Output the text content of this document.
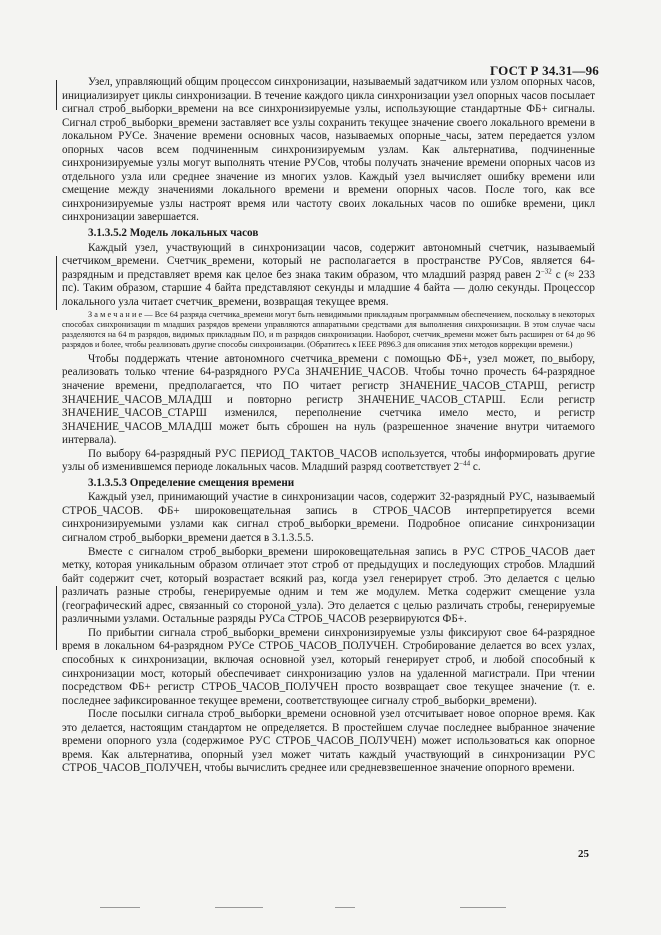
ГОСТ Р 34.31—96

Узел, управляющий общим процессом синхронизации, называемый задатчиком или узлом опорных часов, инициализирует циклы синхронизации. В течение каждого цикла синхронизации узел опорных часов посылает сигнал строб_выборки_времени на все синхронизируемые узлы, использующие стандартные ФБ+ сигналы. Сигнал строб_выборки_времени заставляет все узлы сохранить текущее значение своего локального времени в локальном РУСе. Значение времени основных часов, называемых опорные_часы, затем передается узлом опорных часов всем подчиненным синхронизируемым узлам. Как альтернатива, подчиненные синхронизируемые узлы могут выполнять чтение РУСов, чтобы получать значение времени опорных часов из отдельного узла или среднее значение из многих узлов. Каждый узел вычисляет ошибку времени или смещение между значениями локального времени и времени опорных часов. После того, как все синхронизируемые узлы настроят время или частоту своих локальных часов по ошибке времени, цикл синхронизации завершается.

3.1.3.5.2 Модель локальных часов

Каждый узел, участвующий в синхронизации часов, содержит автономный счетчик, называемый счетчиком_времени. Счетчик_времени, который не располагается в пространстве РУСов, является 64-разрядным и представляет время как целое без знака таким образом, что младший разряд равен $2^{-32}$ с (≈ 233 пс). Таким образом, старшие 4 байта представляют секунды и младшие 4 байта — долю секунды. Процессор локального узла читает счетчик_времени, возвращая текущее время.

З а м е ч а н и е — Все 64 разряда счетчика_времени могут быть невидимыми прикладным программным обеспечением, поскольку в некоторых способах синхронизации m младших разрядов времени управляются аппаратными средствами для выполнения синхронизации. В этом случае часы разделяются на 64 m разрядов, видимых прикладным ПО, и m разрядов синхронизации. Наоборот, счетчик_времени может быть расширен от 64 до 96 разрядов и более, чтобы реализовать другие способы синхронизации. (Обратитесь к IEEE P896.3 для описания этих методов коррекции времени.)

Чтобы поддержать чтение автономного счетчика_времени с помощью ФБ+, узел может, по_выбору, реализовать только чтение 64-разрядного РУСа ЗНАЧЕНИЕ_ЧАСОВ. Чтобы точно прочесть 64-разрядное значение времени, предполагается, что ПО читает регистр ЗНАЧЕНИЕ_ЧАСОВ_СТАРШ, регистр ЗНАЧЕНИЕ_ЧАСОВ_МЛАДШ и повторно регистр ЗНАЧЕНИЕ_ЧАСОВ_СТАРШ. Если регистр ЗНАЧЕНИЕ_ЧАСОВ_СТАРШ изменился, переполнение счетчика имело место, и регистр ЗНАЧЕНИЕ_ЧАСОВ_МЛАДШ может быть сброшен на нуль (разрешенное значение внутри читаемого интервала).

По выбору 64-разрядный РУС ПЕРИОД_ТАКТОВ_ЧАСОВ используется, чтобы информировать другие узлы об изменившемся периоде локальных часов. Младший разряд соответствует $2^{-44}$ с.

3.1.3.5.3 Определение смещения времени

Каждый узел, принимающий участие в синхронизации часов, содержит 32-разрядный РУС, называемый СТРОБ_ЧАСОВ. ФБ+ широковещательная запись в СТРОБ_ЧАСОВ интерпретируется всеми синхронизируемыми узлами как сигнал строб_выборки_времени. Подробное описание синхронизации сигналом строб_выборки_времени дается в 3.1.3.5.5.

Вместе с сигналом строб_выборки_времени широковещательная запись в РУС СТРОБ_ЧАСОВ дает метку, которая уникальным образом отличает этот строб от предыдущих и последующих стробов. Младший байт содержит счет, который возрастает всякий раз, когда узел генерирует строб. Это делается с целью различать разные стробы, генерируемые одним и тем же модулем. Метка содержит смещение узла (географический адрес, связанный со стороной_узла). Это делается с целью различать стробы, генерируемые различными узлами. Остальные разряды РУСа СТРОБ_ЧАСОВ резервируются ФБ+.

По прибытии сигнала строб_выборки_времени синхронизируемые узлы фиксируют свое 64-разрядное время в локальном 64-разрядном РУСе СТРОБ_ЧАСОВ_ПОЛУЧЕН. Стробирование делается во всех узлах, способных к синхронизации, включая основной узел, который генерирует строб, и любой способный к синхронизации мост, который обеспечивает синхронизацию узлов на удаленной магистрали. При чтении посредством ФБ+ регистр СТРОБ_ЧАСОВ_ПОЛУЧЕН просто возвращает свое текущее значение (т. е. последнее зафиксированное текущее времени, соответствующее сигналу строб_выборки_времени).

После посылки сигнала строб_выборки_времени основной узел отсчитывает новое опорное время. Как это делается, настоящим стандартом не определяется. В простейшем случае последнее выбранное значение времени опорного узла (содержимое РУС СТРОБ_ЧАСОВ_ПОЛУЧЕН) может использоваться как опорное время. Как альтернатива, опорный узел может читать каждый участвующий в синхронизации РУС СТРОБ_ЧАСОВ_ПОЛУЧЕН, чтобы вычислить среднее или средневзвешенное значение опорного времени.

25
